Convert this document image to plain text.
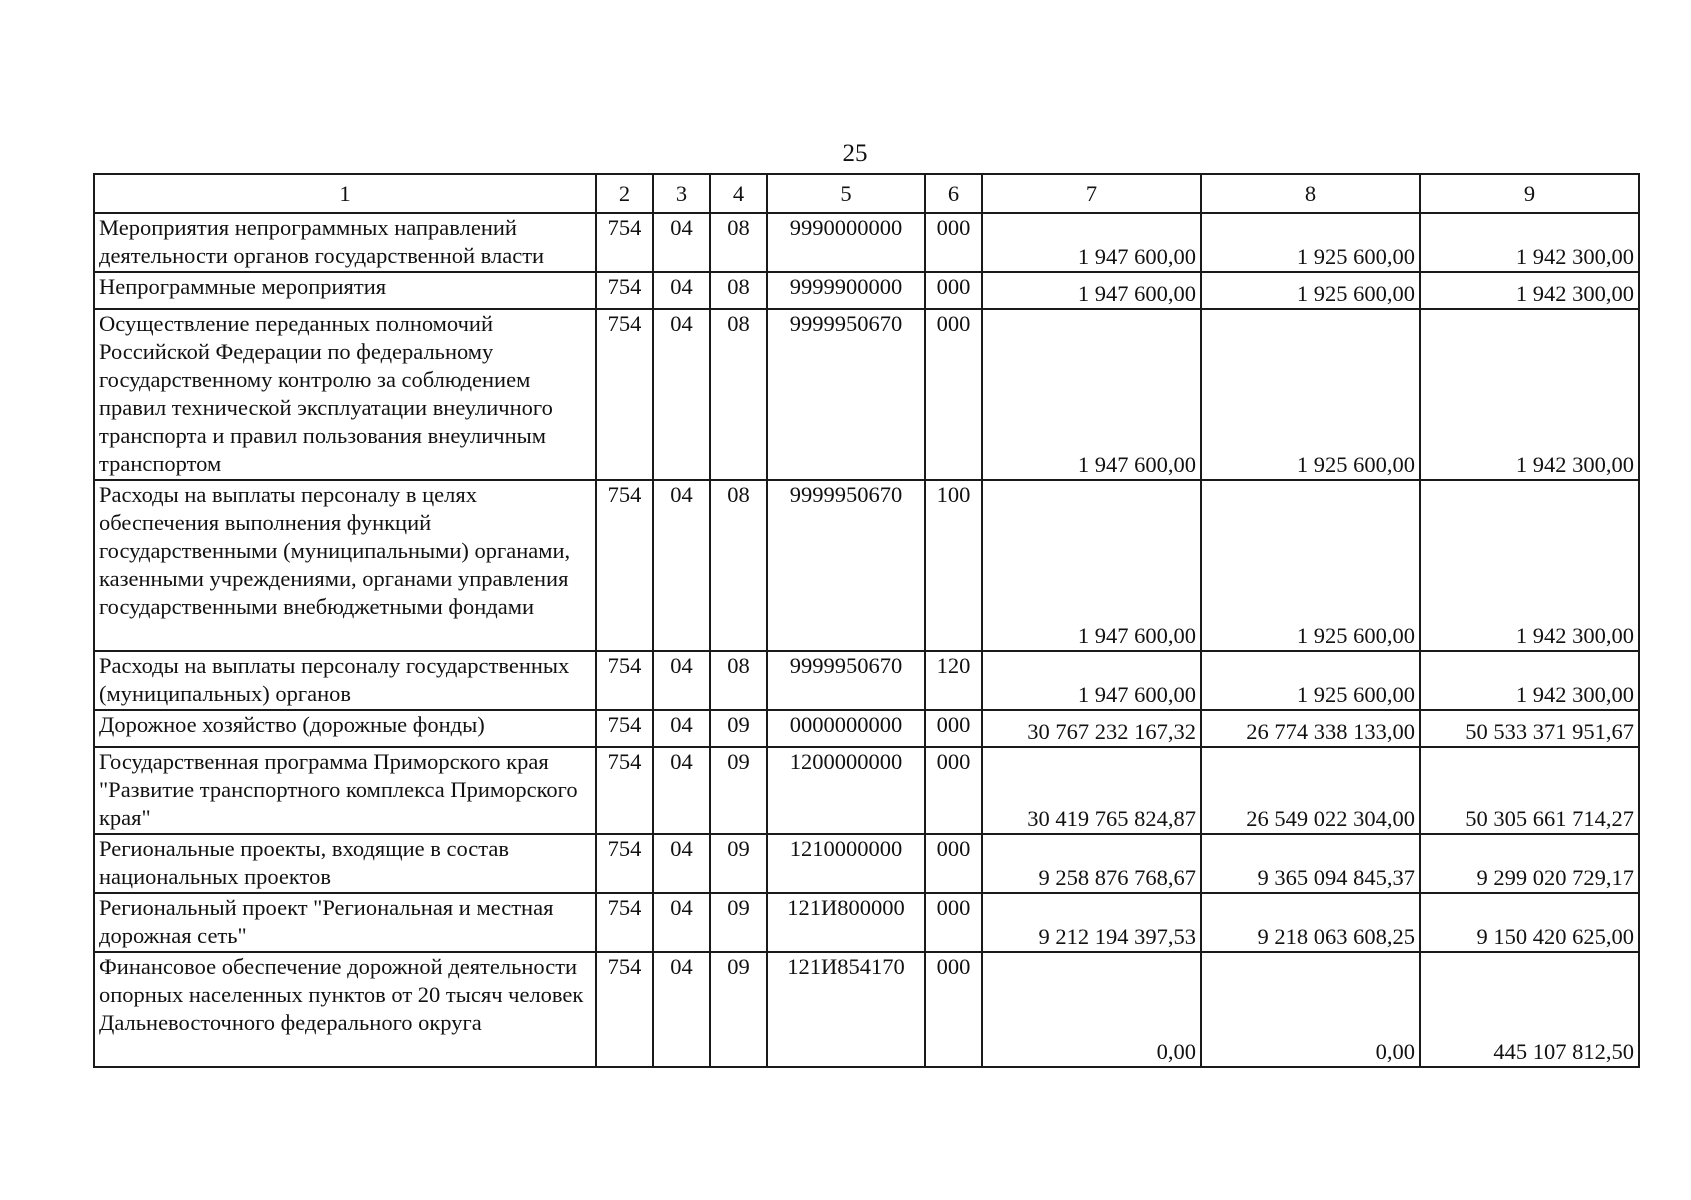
25
1	2	3	4	5	6	7	8	9
Мероприятия непрограммных направлений деятельности органов государственной власти	754	04	08	9990000000	000	1 947 600,00	1 925 600,00	1 942 300,00
Непрограммные мероприятия	754	04	08	9999900000	000	1 947 600,00	1 925 600,00	1 942 300,00
Осуществление переданных полномочий Российской Федерации по федеральному государственному контролю за соблюдением правил технической эксплуатации внеуличного транспорта и правил пользования внеуличным транспортом	754	04	08	9999950670	000	1 947 600,00	1 925 600,00	1 942 300,00
Расходы на выплаты персоналу в целях обеспечения выполнения функций государственными (муниципальными) органами, казенными учреждениями, органами управления государственными внебюджетными фондами	754	04	08	9999950670	100	1 947 600,00	1 925 600,00	1 942 300,00
Расходы на выплаты персоналу государственных (муниципальных) органов	754	04	08	9999950670	120	1 947 600,00	1 925 600,00	1 942 300,00
Дорожное хозяйство (дорожные фонды)	754	04	09	0000000000	000	30 767 232 167,32	26 774 338 133,00	50 533 371 951,67
Государственная программа Приморского края "Развитие транспортного комплекса Приморского края"	754	04	09	1200000000	000	30 419 765 824,87	26 549 022 304,00	50 305 661 714,27
Региональные проекты, входящие в состав национальных проектов	754	04	09	1210000000	000	9 258 876 768,67	9 365 094 845,37	9 299 020 729,17
Региональный проект "Региональная и местная дорожная сеть"	754	04	09	121И800000	000	9 212 194 397,53	9 218 063 608,25	9 150 420 625,00
Финансовое обеспечение дорожной деятельности опорных населенных пунктов от 20 тысяч человек Дальневосточного федерального округа	754	04	09	121И854170	000	0,00	0,00	445 107 812,50
